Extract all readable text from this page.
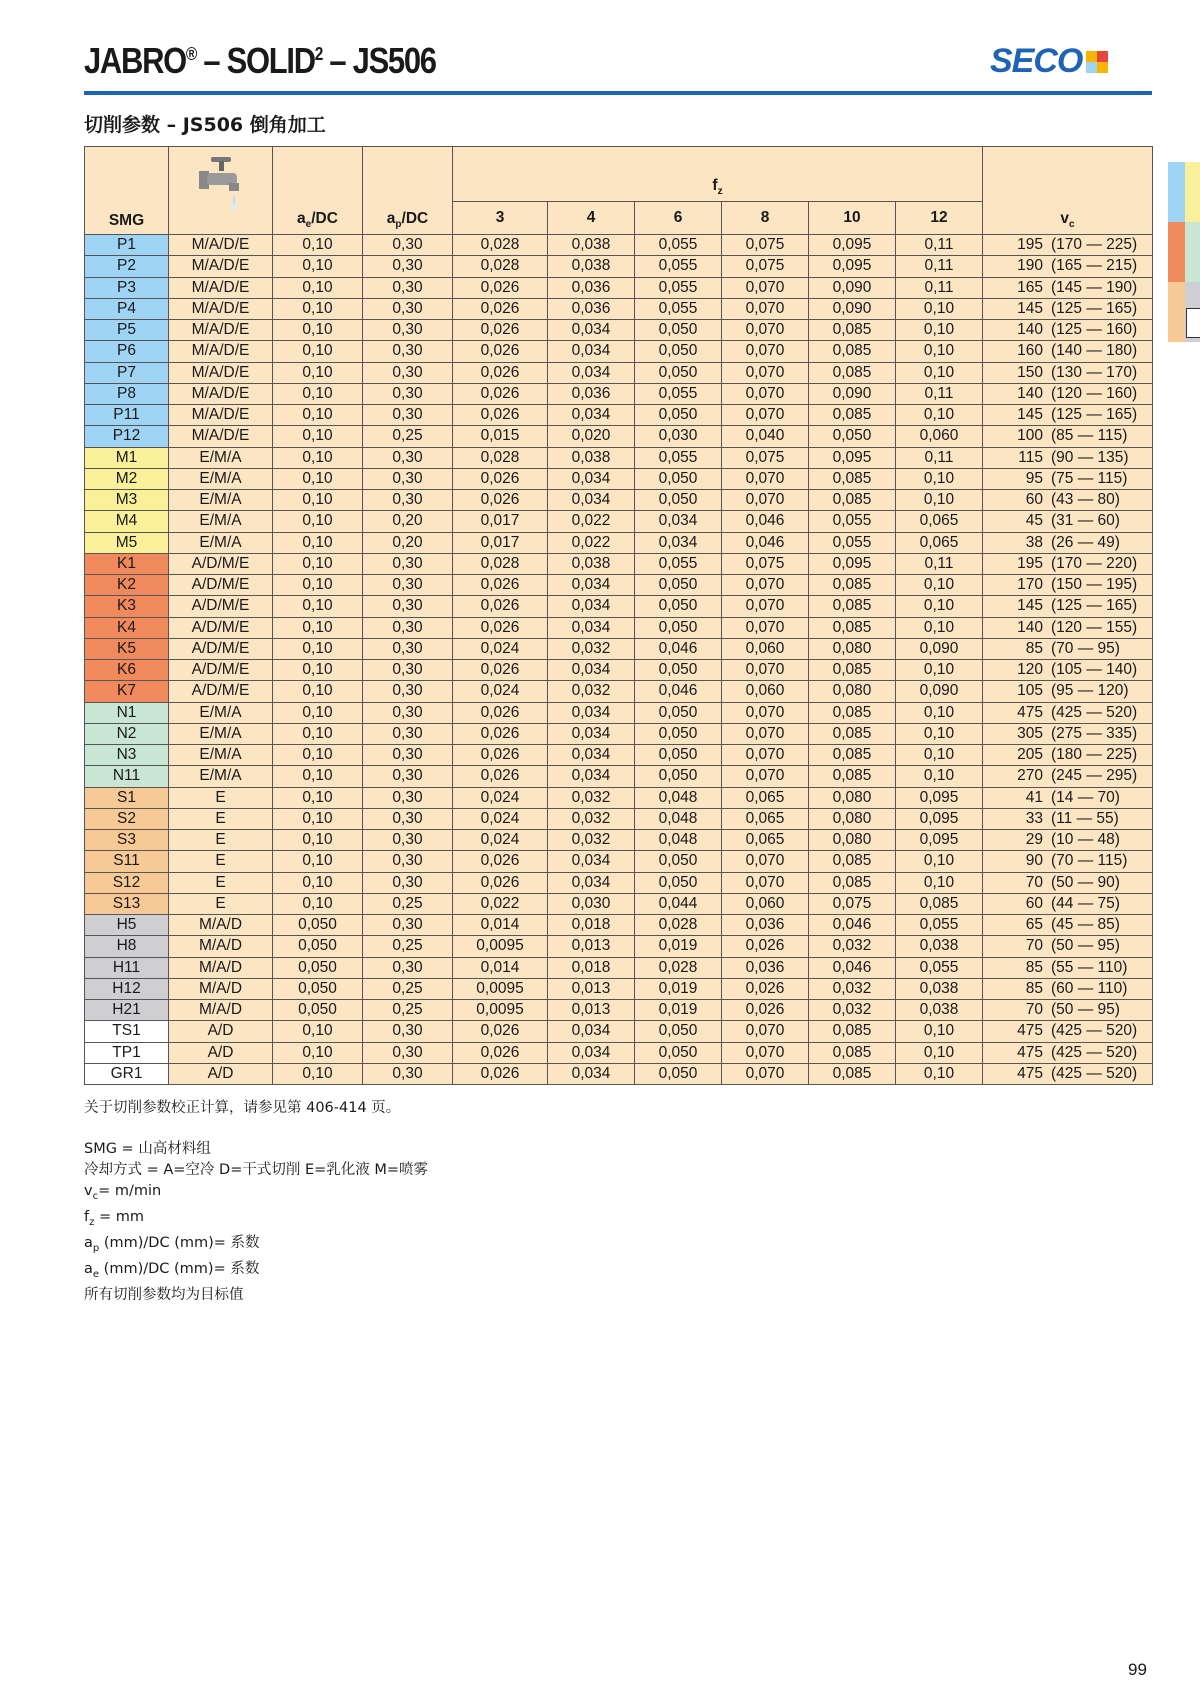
JABRO® – SOLID$^2$ – JS506	SECO
切削参数 – JS506 倒角加工
SMG		$a_e/DC$	$a_p/DC$	$f_z$						$v_c$
				3	4	6	8	10	12	
P1	M/A/D/E	0,10	0,30	0,028	0,038	0,055	0,075	0,095	0,11	195 (170 — 225)
P2	M/A/D/E	0,10	0,30	0,028	0,038	0,055	0,075	0,095	0,11	190 (165 — 215)
P3	M/A/D/E	0,10	0,30	0,026	0,036	0,055	0,070	0,090	0,11	165 (145 — 190)
P4	M/A/D/E	0,10	0,30	0,026	0,036	0,055	0,070	0,090	0,10	145 (125 — 165)
P5	M/A/D/E	0,10	0,30	0,026	0,034	0,050	0,070	0,085	0,10	140 (125 — 160)
P6	M/A/D/E	0,10	0,30	0,026	0,034	0,050	0,070	0,085	0,10	160 (140 — 180)
P7	M/A/D/E	0,10	0,30	0,026	0,034	0,050	0,070	0,085	0,10	150 (130 — 170)
P8	M/A/D/E	0,10	0,30	0,026	0,036	0,055	0,070	0,090	0,11	140 (120 — 160)
P11	M/A/D/E	0,10	0,30	0,026	0,034	0,050	0,070	0,085	0,10	145 (125 — 165)
P12	M/A/D/E	0,10	0,25	0,015	0,020	0,030	0,040	0,050	0,060	100 (85 — 115)
M1	E/M/A	0,10	0,30	0,028	0,038	0,055	0,075	0,095	0,11	115 (90 — 135)
M2	E/M/A	0,10	0,30	0,026	0,034	0,050	0,070	0,085	0,10	95 (75 — 115)
M3	E/M/A	0,10	0,30	0,026	0,034	0,050	0,070	0,085	0,10	60 (43 — 80)
M4	E/M/A	0,10	0,20	0,017	0,022	0,034	0,046	0,055	0,065	45 (31 — 60)
M5	E/M/A	0,10	0,20	0,017	0,022	0,034	0,046	0,055	0,065	38 (26 — 49)
K1	A/D/M/E	0,10	0,30	0,028	0,038	0,055	0,075	0,095	0,11	195 (170 — 220)
K2	A/D/M/E	0,10	0,30	0,026	0,034	0,050	0,070	0,085	0,10	170 (150 — 195)
K3	A/D/M/E	0,10	0,30	0,026	0,034	0,050	0,070	0,085	0,10	145 (125 — 165)
K4	A/D/M/E	0,10	0,30	0,026	0,034	0,050	0,070	0,085	0,10	140 (120 — 155)
K5	A/D/M/E	0,10	0,30	0,024	0,032	0,046	0,060	0,080	0,090	85 (70 — 95)
K6	A/D/M/E	0,10	0,30	0,026	0,034	0,050	0,070	0,085	0,10	120 (105 — 140)
K7	A/D/M/E	0,10	0,30	0,024	0,032	0,046	0,060	0,080	0,090	105 (95 — 120)
N1	E/M/A	0,10	0,30	0,026	0,034	0,050	0,070	0,085	0,10	475 (425 — 520)
N2	E/M/A	0,10	0,30	0,026	0,034	0,050	0,070	0,085	0,10	305 (275 — 335)
N3	E/M/A	0,10	0,30	0,026	0,034	0,050	0,070	0,085	0,10	205 (180 — 225)
N11	E/M/A	0,10	0,30	0,026	0,034	0,050	0,070	0,085	0,10	270 (245 — 295)
S1	E	0,10	0,30	0,024	0,032	0,048	0,065	0,080	0,095	41 (14 — 70)
S2	E	0,10	0,30	0,024	0,032	0,048	0,065	0,080	0,095	33 (11 — 55)
S3	E	0,10	0,30	0,024	0,032	0,048	0,065	0,080	0,095	29 (10 — 48)
S11	E	0,10	0,30	0,026	0,034	0,050	0,070	0,085	0,10	90 (70 — 115)
S12	E	0,10	0,30	0,026	0,034	0,050	0,070	0,085	0,10	70 (50 — 90)
S13	E	0,10	0,25	0,022	0,030	0,044	0,060	0,075	0,085	60 (44 — 75)
H5	M/A/D	0,050	0,30	0,014	0,018	0,028	0,036	0,046	0,055	65 (45 — 85)
H8	M/A/D	0,050	0,25	0,0095	0,013	0,019	0,026	0,032	0,038	70 (50 — 95)
H11	M/A/D	0,050	0,30	0,014	0,018	0,028	0,036	0,046	0,055	85 (55 — 110)
H12	M/A/D	0,050	0,25	0,0095	0,013	0,019	0,026	0,032	0,038	85 (60 — 110)
H21	M/A/D	0,050	0,25	0,0095	0,013	0,019	0,026	0,032	0,038	70 (50 — 95)
TS1	A/D	0,10	0,30	0,026	0,034	0,050	0,070	0,085	0,10	475 (425 — 520)
TP1	A/D	0,10	0,30	0,026	0,034	0,050	0,070	0,085	0,10	475 (425 — 520)
GR1	A/D	0,10	0,30	0,026	0,034	0,050	0,070	0,085	0,10	475 (425 — 520)

关于切削参数校正计算，请参见第 406-414 页。

SMG = 山高材料组

冷却方式 = A=空冷 D=干式切削 E=乳化液 M=喷雾

$v_c= m/\min$

$f_z$ = mm

$a_p$ (mm)/DC (mm)= 系数

$a_e$ (mm)/DC (mm)= 系数

所有切削参数均为目标值

99
